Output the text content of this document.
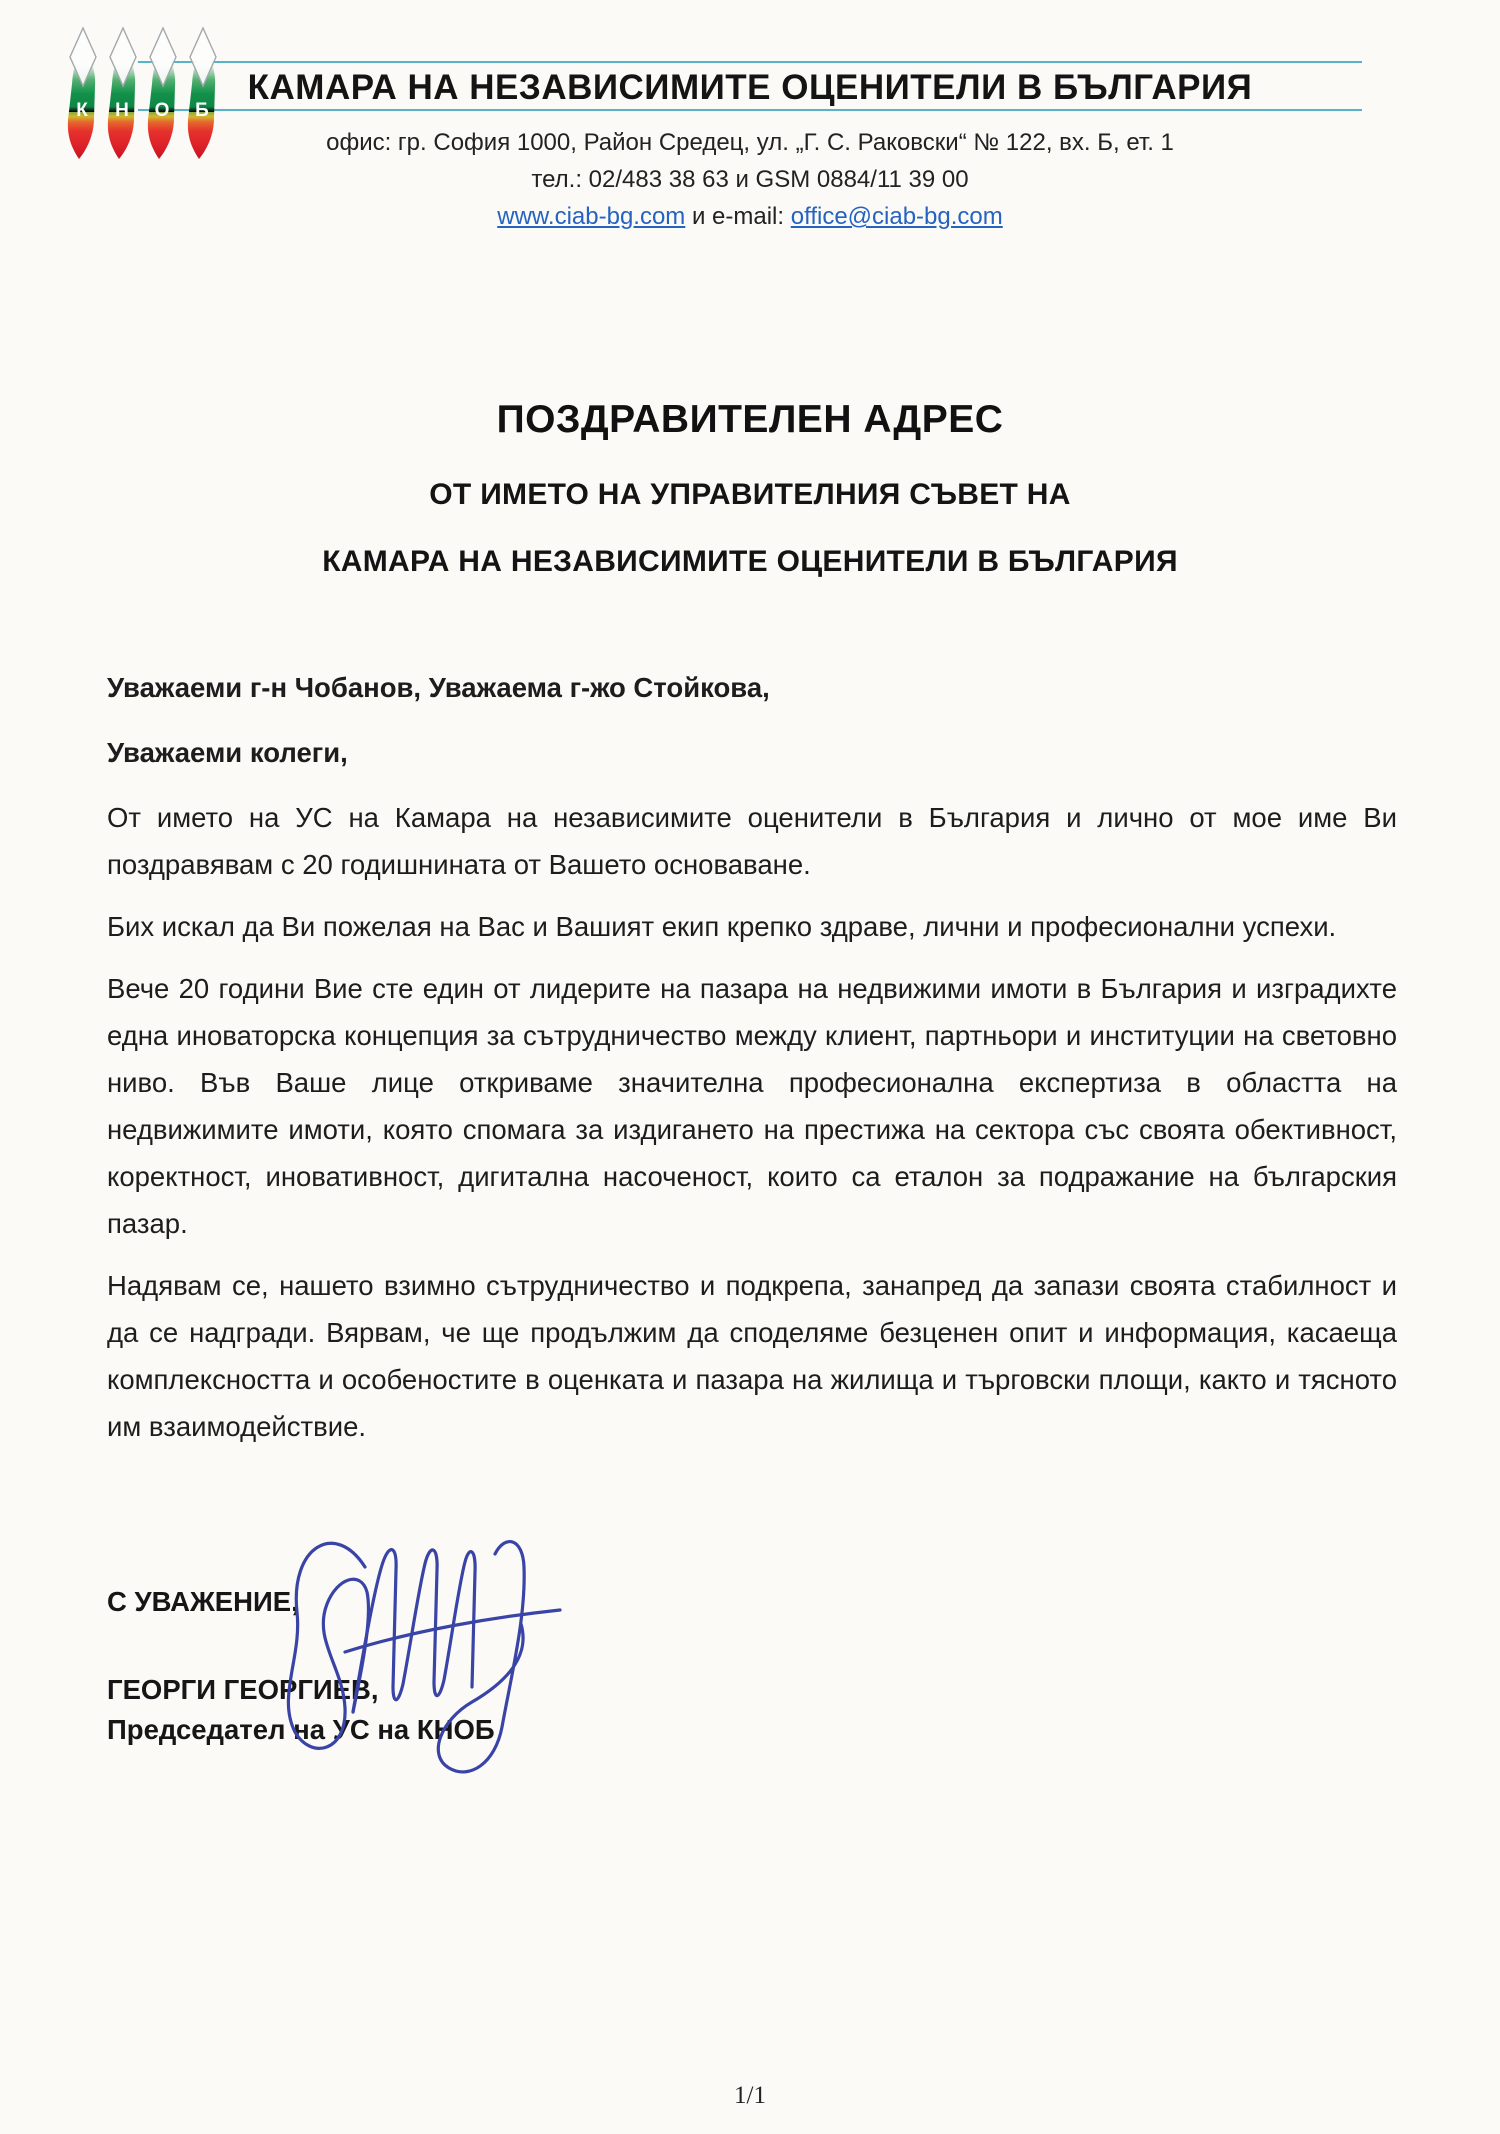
КАМАРА НА НЕЗАВИСИМИТЕ ОЦЕНИТЕЛИ В БЪЛГАРИЯ
К Н О Б
офис: гр. София 1000, Район Средец, ул. „Г. С. Раковски“ № 122, вх. Б, ет. 1
тел.: 02/483 38 63 и GSM 0884/11 39 00
www.ciab-bg.com и e-mail: office@ciab-bg.com
ПОЗДРАВИТЕЛЕН АДРЕС
ОТ ИМЕТО НА УПРАВИТЕЛНИЯ СЪВЕТ НА
КАМАРА НА НЕЗАВИСИМИТЕ ОЦЕНИТЕЛИ В БЪЛГАРИЯ
Уважаеми г-н Чобанов, Уважаема г-жо Стойкова,
Уважаеми колеги,

От името на УС на Камара на независимите оценители в България и лично от мое име Ви поздравявам с 20 годишнината от Вашето основаване.

Бих искал да Ви пожелая на Вас и Вашият екип крепко здраве, лични и професионални успехи.

Вече 20 години Вие сте един от лидерите на пазара на недвижими имоти в България и изградихте една иноваторска концепция за сътрудничество между клиент, партньори и институции на световно ниво. Във Ваше лице откриваме значителна професионална експертиза в областта на недвижимите имоти, която спомага за издигането на престижа на сектора със своята обективност, коректност, иновативност, дигитална насоченост, които са еталон за подражание на българския пазар.

Надявам се, нашето взимно сътрудничество и подкрепа, занапред да запази своята стабилност и да се надгради. Вярвам, че ще продължим да споделяме безценен опит и информация, касаеща комплексността и особеностите в оценката и пазара на жилища и търговски площи, както и тясното им взаимодействие.

С УВАЖЕНИЕ,
ГЕОРГИ ГЕОРГИЕВ,
Председател на УС на КНОБ
1/1
